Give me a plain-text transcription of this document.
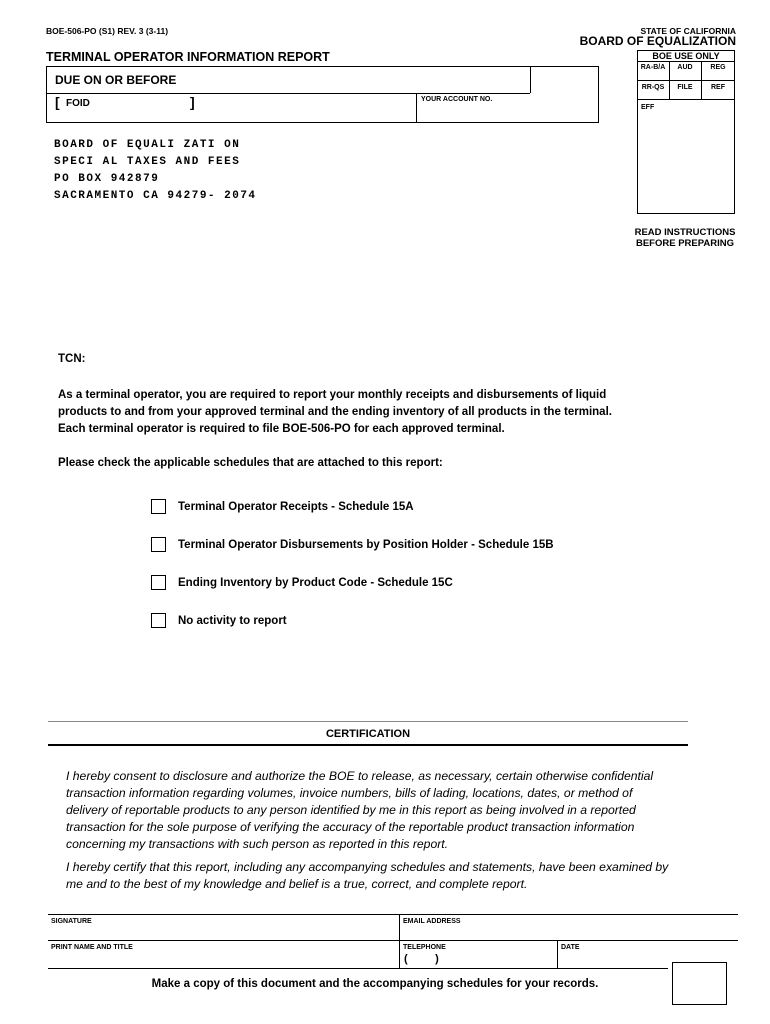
BOE-506-PO (S1) REV. 3 (3-11)	STATE OF CALIFORNIA
BOARD OF EQUALIZATION
TERMINAL OPERATOR INFORMATION REPORT
DUE ON OR BEFORE
[ FOID	]	YOUR ACCOUNT NO.
BOE USE ONLY
RA-B/A	AUD	REG
RR-QS	FILE	REF
EFF
BOARD OF EQUALI ZATI ON
SPECI AL TAXES AND FEES
PO BOX 942879
SACRAMENTO CA 94279- 2074
READ INSTRUCTIONS
BEFORE PREPARING
TCN:
As a terminal operator, you are required to report your monthly receipts and disbursements of liquid
products to and from your approved terminal and the ending inventory of all products in the terminal.
Each terminal operator is required to file BOE-506-PO for each approved terminal.
Please check the applicable schedules that are attached to this report:
Terminal Operator Receipts - Schedule 15A
Terminal Operator Disbursements by Position Holder - Schedule 15B
Ending Inventory by Product Code - Schedule 15C
No activity to report
CERTIFICATION
I hereby consent to disclosure and authorize the BOE to release, as necessary, certain otherwise confidential
transaction information regarding volumes, invoice numbers, bills of lading, locations, dates, or method of
delivery of reportable products to any person identified by me in this report as being involved in a reported
transaction for the sole purpose of verifying the accuracy of the reportable product transaction information
concerning my transactions with such person as reported in this report.
I hereby certify that this report, including any accompanying schedules and statements, have been examined by
me and to the best of my knowledge and belief is a true, correct, and complete report.
SIGNATURE	EMAIL ADDRESS
PRINT NAME AND TITLE	TELEPHONE
(         )
DATE
Make a copy of this document and the accompanying schedules for your records.
